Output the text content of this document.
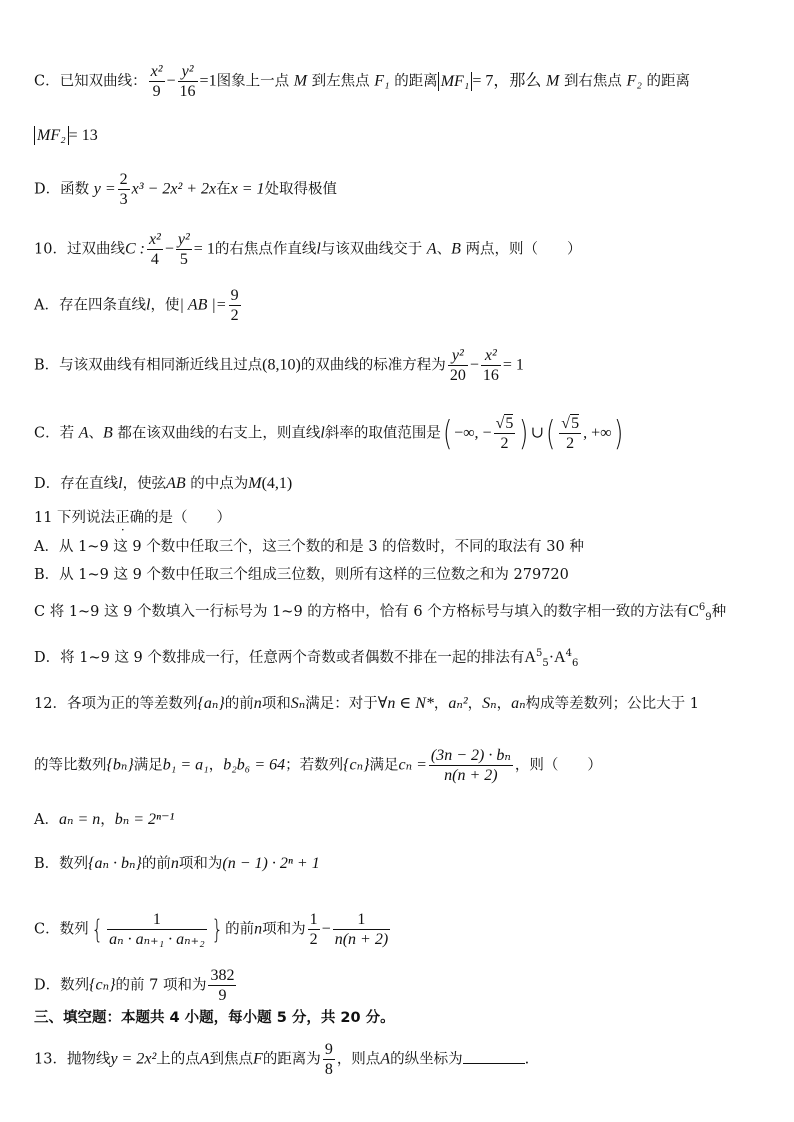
C．已知双曲线： $\frac{\text{x²}}{9} - \frac{\text{y²}}{16} =1$图象上一点 M 到左焦点 F₁ 的距离 MF₁ = 7，那么 M 到右焦点 F₂ 的距离
MF₂ = 13
D．函数 $y = \frac{2}{3} x^3 - 2x^2 + 2x$在x = 1处取得极值
10．过双曲线C : $\frac{\text{x²}}{4} - \frac{\text{y²}}{5} = 1$的右焦点作直线l与该双曲线交于 A、B 两点，则（　　）
A．存在四条直线l，使| AB |= $\frac{9}{2}$
B．与该双曲线有相同渐近线且过点(8,10)的双曲线的标准方程为 $\frac{\text{y²}}{20} - \frac{\text{x²}}{16} = 1$
C．若 A、B 都在该双曲线的右支上，则直线l斜率的取值范围是( −∞, − $\frac{√5}{2}$ ) ∪( $\frac{√5}{2}$ , +∞)
D．存在直线l，使弦AB 的中点为M(4,1)
11 下列说法正确的是（　　）
A．从 1~9 这 9 个数中任取三个，这三个数的和是 3 的倍数时，不同的取法有 30 种
B．从 1~9 这 9 个数中任取三个组成三位数，则所有这样的三位数之和为 279720
C 将 1~9 这 9 个数填入一行标号为 1~9 的方格中，恰有 6 个方格标号与填入的数字相一致的方法有$C^6_9$种
D．将 1~9 这 9 个数排成一行，任意两个奇数或者偶数不排在一起的排法有$A^5_5\cdot A^4_6$
12．各项为正的等差数列{aₙ}的前n项和Sₙ满足：对于∀n ∈ N*，aₙ²，Sₙ，aₙ构成等差数列；公比大于 1
的等比数列{bₙ}满足b₁ = a₁，b₂b₆ = 64；若数列{cₙ}满足$c_n = \frac{\text{(3n − 2) · bₙ}}{n(n + 2)}$ ，则（　　）
A．aₙ = n，bₙ = 2ⁿ⁻¹
B．数列{aₙ · bₙ}的前n项和为(n − 1) · 2ⁿ + 1
C．数列{ $\frac{1}{\text{aₙ · aₙ₊₁ · aₙ₊₂}}$ } 的前n项和为 $\frac{1}{2} - \frac{1}{n(n + 2)}$
D．数列{cₙ}的前 7 项和为 $\frac{382}{9}$
三、填空题：本题共 4 小题，每小题 5 分，共 20 分。
13．抛物线y = 2x²上的点A到焦点F的距离为 $\frac{9}{8}$ ，则点A的纵坐标为	.
